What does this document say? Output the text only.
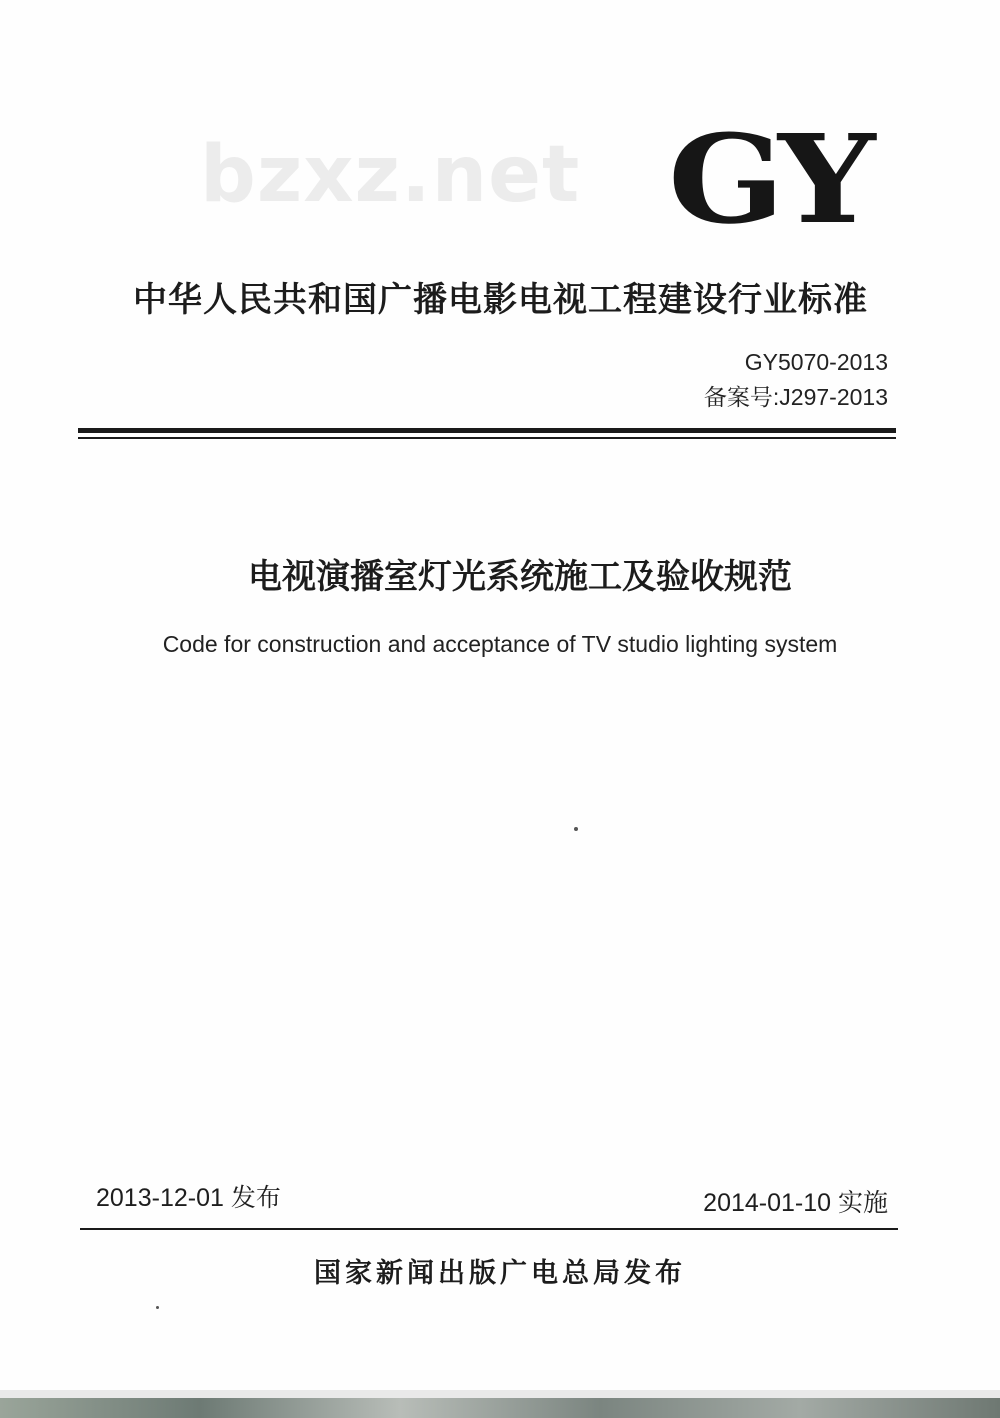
bzxz.net GY
中华人民共和国广播电影电视工程建设行业标准
GY5070-2013
备案号:J297-2013
电视演播室灯光系统施工及验收规范
Code for construction and acceptance of TV studio lighting system
2013-12-01 发布	2014-01-10 实施
国家新闻出版广电总局发布
